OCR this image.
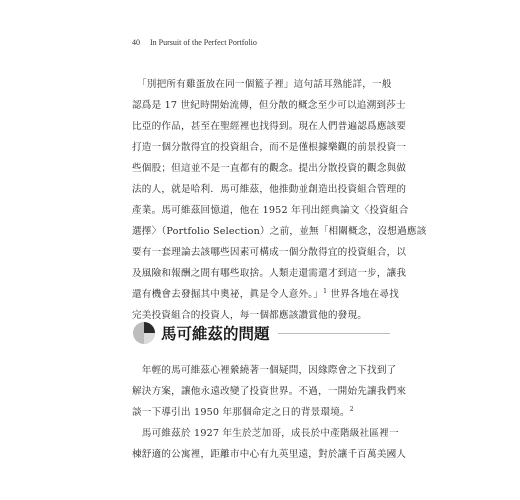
40 In Pursuit of the Perfect Portfolio
　「別把所有雞蛋放在同一個籃子裡」這句話耳熟能詳，一般
認爲是 17 世紀時開始流傳，但分散的概念至少可以追溯到莎士
比亞的作品，甚至在聖經裡也找得到。現在人們普遍認爲應該要
打造一個分散得宜的投資組合，而不是僅根據樂觀的前景投資一
些個股；但這並不是一直都有的觀念。提出分散投資的觀念與做
法的人，就是哈利．馬可維茲，他推動並創造出投資組合管理的
產業。馬可維茲回憶道，他在 1952 年刊出經典論文〈投資組合
選擇〉（Portfolio Selection）之前，並無「相關概念，沒想過應該
要有一套理論去該哪些因素可構成一個分散得宜的投資組合，以
及風險和報酬之間有哪些取捨。人類走還需還才到這一步，讓我
還有機會去發掘其中奧祕，眞是令人意外。」$^1$ 世界各地在尋找
完美投資組合的投資人，每一個都應該讚賞他的發現。
馬可維茲的問題
　年輕的馬可維茲心裡縈繞著一個疑問，因緣際會之下找到了
解決方案，讓他永遠改變了投資世界。不過，一開始先讓我們來
談一下導引出 1950 年那個命定之日的背景環境。$^2$
　馬可維茲於 1927 年生於芝加哥，成長於中產階級社區裡一
棟舒適的公寓裡，距離市中心有九英里遠，對於讓千百萬美國人
